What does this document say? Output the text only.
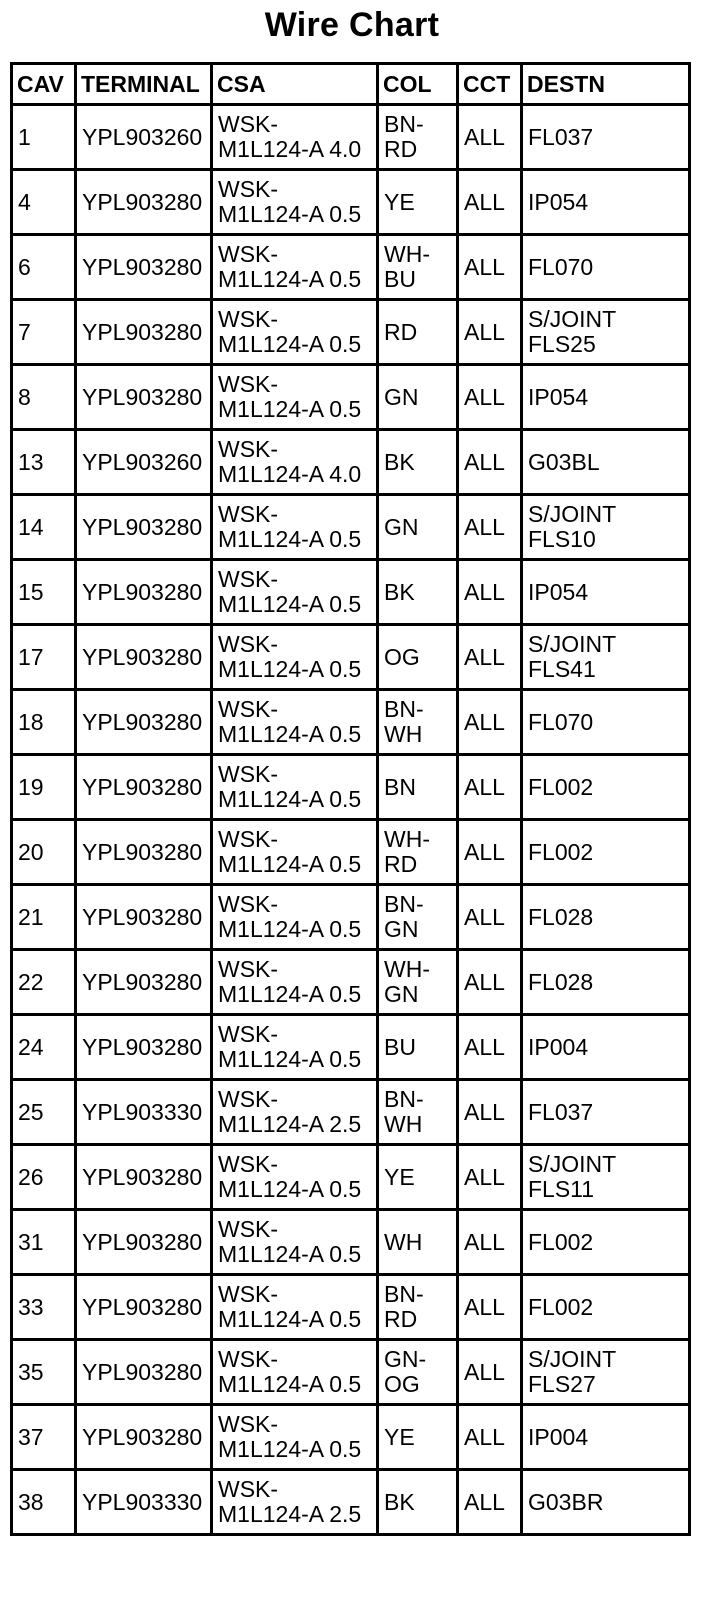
Wire Chart
CAV	TERMINAL	CSA	COL	CCT	DESTN
1	YPL903260	WSK-
M1L124-A 4.0	BN-
RD	ALL	FL037

4	YPL903280	WSK-
M1L124-A 0.5	YE	ALL	IP054

6	YPL903280	WSK-
M1L124-A 0.5	WH-
BU	ALL	FL070

7	YPL903280	WSK-
M1L124-A 0.5	RD	ALL	S/JOINT
FLS25

8	YPL903280	WSK-
M1L124-A 0.5	GN	ALL	IP054

13	YPL903260	WSK-
M1L124-A 4.0	BK	ALL	G03BL

14	YPL903280	WSK-
M1L124-A 0.5	GN	ALL	S/JOINT
FLS10

15	YPL903280	WSK-
M1L124-A 0.5	BK	ALL	IP054

17	YPL903280	WSK-
M1L124-A 0.5	OG	ALL	S/JOINT
FLS41

18	YPL903280	WSK-
M1L124-A 0.5	BN-
WH	ALL	FL070

19	YPL903280	WSK-
M1L124-A 0.5	BN	ALL	FL002

20	YPL903280	WSK-
M1L124-A 0.5	WH-
RD	ALL	FL002

21	YPL903280	WSK-
M1L124-A 0.5	BN-
GN	ALL	FL028

22	YPL903280	WSK-
M1L124-A 0.5	WH-
GN	ALL	FL028

24	YPL903280	WSK-
M1L124-A 0.5	BU	ALL	IP004

25	YPL903330	WSK-
M1L124-A 2.5	BN-
WH	ALL	FL037

26	YPL903280	WSK-
M1L124-A 0.5	YE	ALL	S/JOINT
FLS11

31	YPL903280	WSK-
M1L124-A 0.5	WH	ALL	FL002

33	YPL903280	WSK-
M1L124-A 0.5	BN-
RD	ALL	FL002

35	YPL903280	WSK-
M1L124-A 0.5	GN-
OG	ALL	S/JOINT
FLS27

37	YPL903280	WSK-
M1L124-A 0.5	YE	ALL	IP004

38	YPL903330	WSK-
M1L124-A 2.5	BK	ALL	G03BR
